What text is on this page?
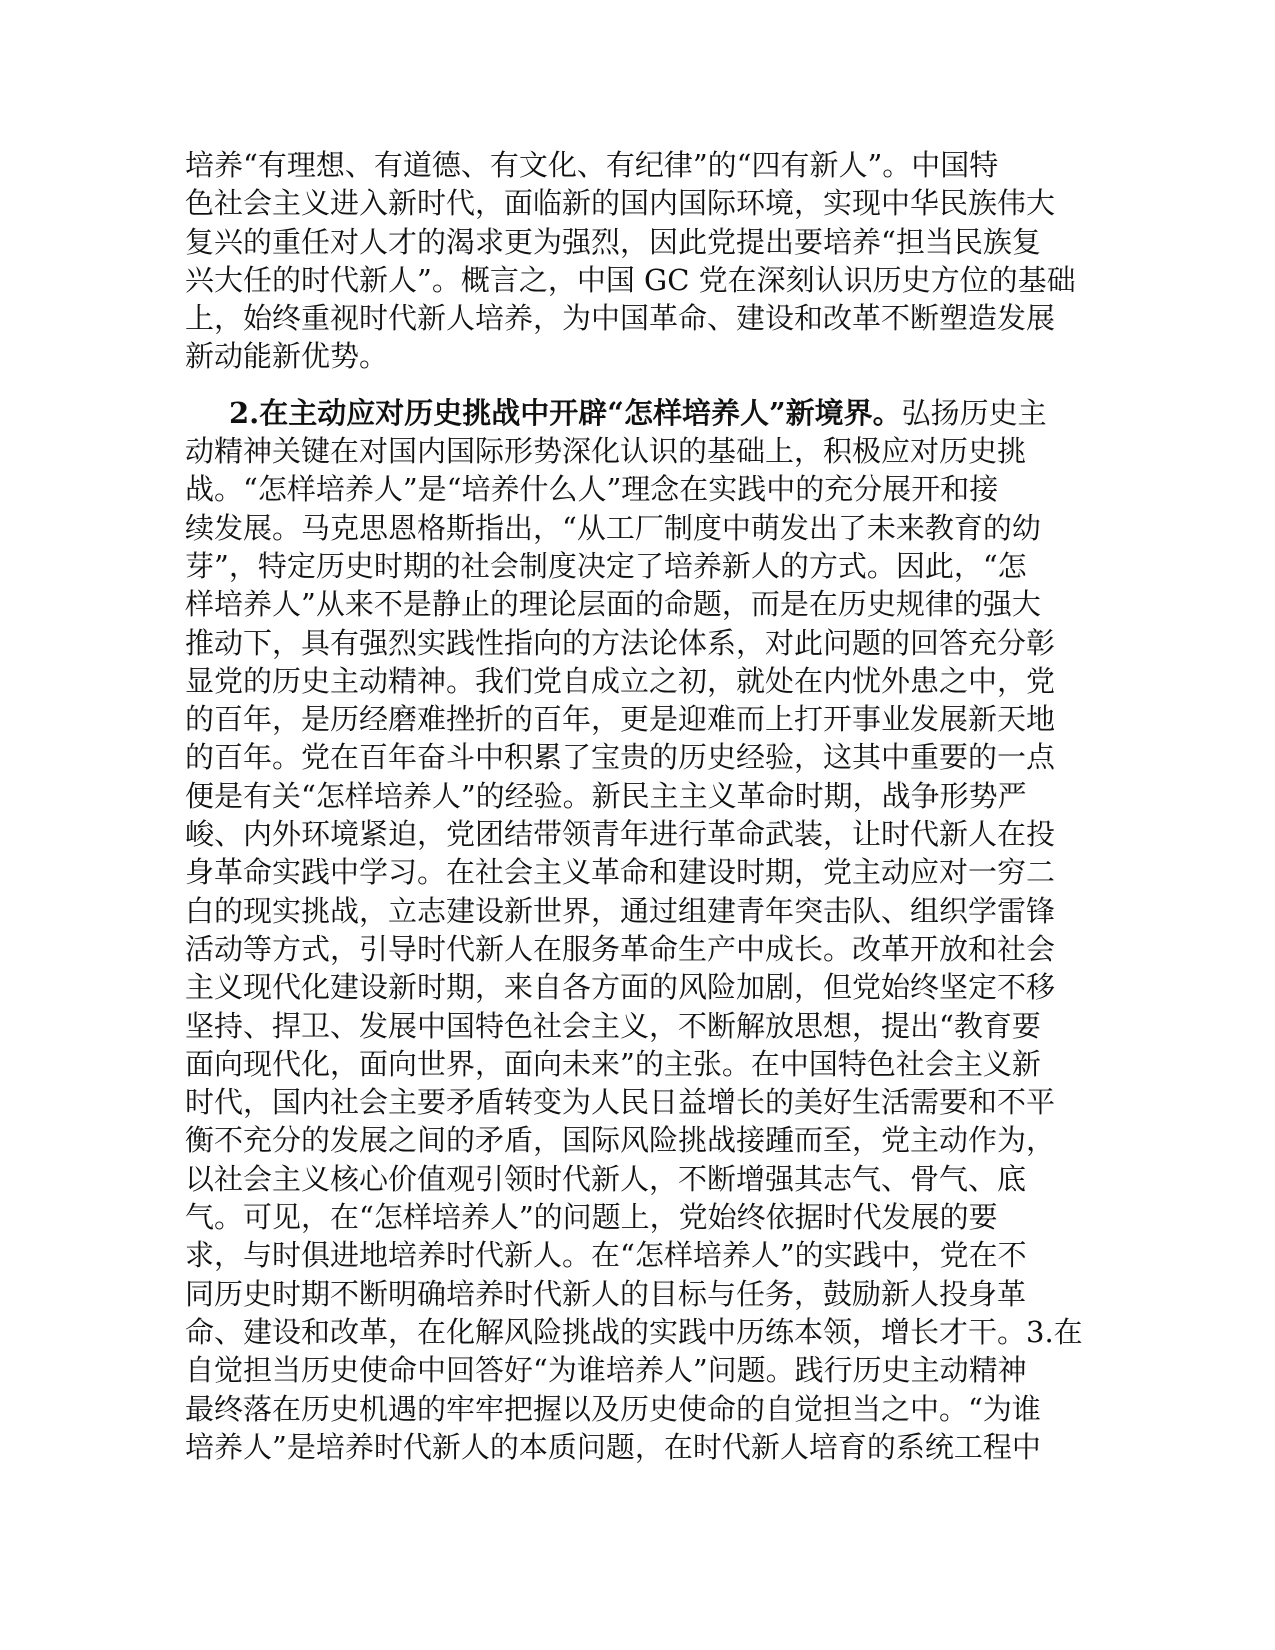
培养“有理想、有道德、有文化、有纪律”的“四有新人”。中国特
色社会主义进入新时代，面临新的国内国际环境，实现中华民族伟大
复兴的重任对人才的渴求更为强烈，因此党提出要培养“担当民族复
兴大任的时代新人”。概言之，中国 GC 党在深刻认识历史方位的基础
上，始终重视时代新人培养，为中国革命、建设和改革不断塑造发展
新动能新优势。
2.在主动应对历史挑战中开辟“怎样培养人”新境界。弘扬历史主
动精神关键在对国内国际形势深化认识的基础上，积极应对历史挑
战。“怎样培养人”是“培养什么人”理念在实践中的充分展开和接
续发展。马克思恩格斯指出，“从工厂制度中萌发出了未来教育的幼
芽”，特定历史时期的社会制度决定了培养新人的方式。因此，“怎
样培养人”从来不是静止的理论层面的命题，而是在历史规律的强大
推动下，具有强烈实践性指向的方法论体系，对此问题的回答充分彰
显党的历史主动精神。我们党自成立之初，就处在内忧外患之中，党
的百年，是历经磨难挫折的百年，更是迎难而上打开事业发展新天地
的百年。党在百年奋斗中积累了宝贵的历史经验，这其中重要的一点
便是有关“怎样培养人”的经验。新民主主义革命时期，战争形势严
峻、内外环境紧迫，党团结带领青年进行革命武装，让时代新人在投
身革命实践中学习。在社会主义革命和建设时期，党主动应对一穷二
白的现实挑战，立志建设新世界，通过组建青年突击队、组织学雷锋
活动等方式，引导时代新人在服务革命生产中成长。改革开放和社会
主义现代化建设新时期，来自各方面的风险加剧，但党始终坚定不移
坚持、捍卫、发展中国特色社会主义，不断解放思想，提出“教育要
面向现代化，面向世界，面向未来”的主张。在中国特色社会主义新
时代，国内社会主要矛盾转变为人民日益增长的美好生活需要和不平
衡不充分的发展之间的矛盾，国际风险挑战接踵而至，党主动作为，
以社会主义核心价值观引领时代新人，不断增强其志气、骨气、底
气。可见，在“怎样培养人”的问题上，党始终依据时代发展的要
求，与时俱进地培养时代新人。在“怎样培养人”的实践中，党在不
同历史时期不断明确培养时代新人的目标与任务，鼓励新人投身革
命、建设和改革，在化解风险挑战的实践中历练本领，增长才干。3.在
自觉担当历史使命中回答好“为谁培养人”问题。践行历史主动精神
最终落在历史机遇的牢牢把握以及历史使命的自觉担当之中。“为谁
培养人”是培养时代新人的本质问题，在时代新人培育的系统工程中
